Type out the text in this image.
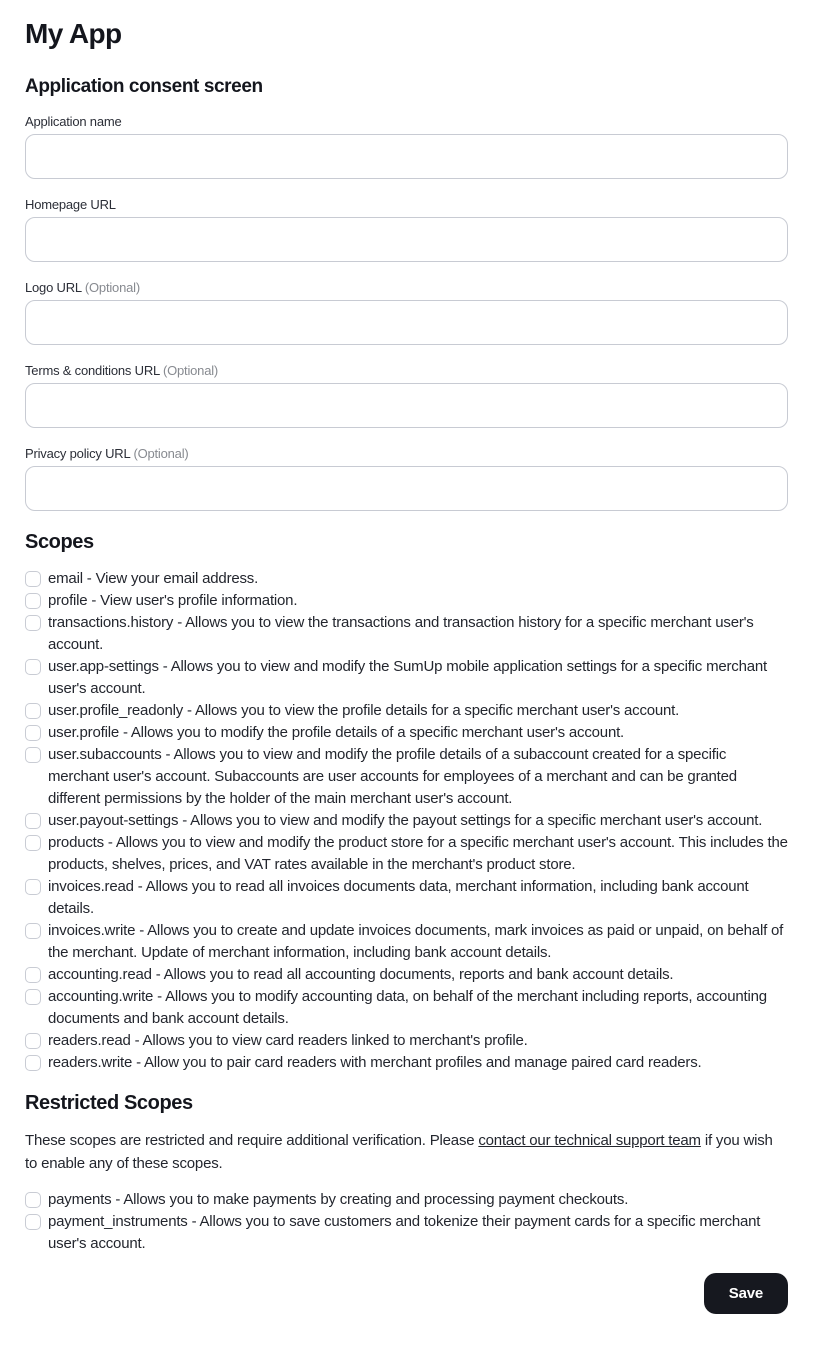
My App
Application consent screen
Application name
Homepage URL
Logo URL (Optional)
Terms & conditions URL (Optional)
Privacy policy URL (Optional)
Scopes
email - View your email address.
profile - View user's profile information.
transactions.history - Allows you to view the transactions and transaction history for a specific merchant user's account.
user.app-settings - Allows you to view and modify the SumUp mobile application settings for a specific merchant user's account.
user.profile_readonly - Allows you to view the profile details for a specific merchant user's account.
user.profile - Allows you to modify the profile details of a specific merchant user's account.
user.subaccounts - Allows you to view and modify the profile details of a subaccount created for a specific merchant user's account. Subaccounts are user accounts for employees of a merchant and can be granted different permissions by the holder of the main merchant user's account.
user.payout-settings - Allows you to view and modify the payout settings for a specific merchant user's account.
products - Allows you to view and modify the product store for a specific merchant user's account. This includes the products, shelves, prices, and VAT rates available in the merchant's product store.
invoices.read - Allows you to read all invoices documents data, merchant information, including bank account details.
invoices.write - Allows you to create and update invoices documents, mark invoices as paid or unpaid, on behalf of the merchant. Update of merchant information, including bank account details.
accounting.read - Allows you to read all accounting documents, reports and bank account details.
accounting.write - Allows you to modify accounting data, on behalf of the merchant including reports, accounting documents and bank account details.
readers.read - Allows you to view card readers linked to merchant's profile.
readers.write - Allow you to pair card readers with merchant profiles and manage paired card readers.
Restricted Scopes

These scopes are restricted and require additional verification. Please contact our technical support team if you wish to enable any of these scopes.

payments - Allows you to make payments by creating and processing payment checkouts.
payment_instruments - Allows you to save customers and tokenize their payment cards for a specific merchant user's account.
Save
